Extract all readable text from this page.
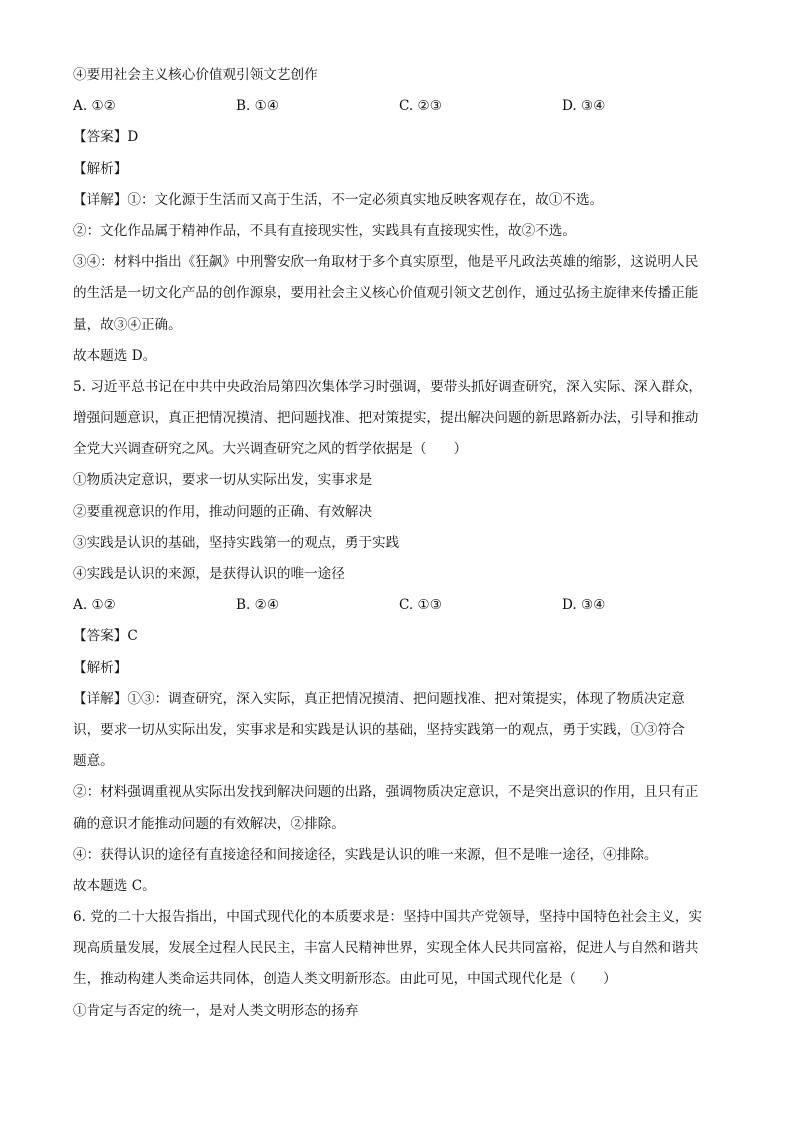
④要用社会主义核心价值观引领文艺创作
A. ①②	B. ①④	C. ②③	D. ③④
【答案】D
【解析】
【详解】①：文化源于生活而又高于生活，不一定必须真实地反映客观存在，故①不选。
②：文化作品属于精神作品，不具有直接现实性，实践具有直接现实性，故②不选。
③④：材料中指出《狂飙》中刑警安欣一角取材于多个真实原型，他是平凡政法英雄的缩影，这说明人民
的生活是一切文化产品的创作源泉，要用社会主义核心价值观引领文艺创作，通过弘扬主旋律来传播正能
量，故③④正确。
故本题选 D。
5. 习近平总书记在中共中央政治局第四次集体学习时强调，要带头抓好调查研究，深入实际、深入群众，
增强问题意识，真正把情况摸清、把问题找准、把对策提实，提出解决问题的新思路新办法，引导和推动
全党大兴调查研究之风。大兴调查研究之风的哲学依据是（　　）
①物质决定意识，要求一切从实际出发，实事求是
②要重视意识的作用，推动问题的正确、有效解决
③实践是认识的基础，坚持实践第一的观点，勇于实践
④实践是认识的来源，是获得认识的唯一途径
A. ①②	B. ②④	C. ①③	D. ③④
【答案】C
【解析】
【详解】①③：调查研究，深入实际，真正把情况摸清、把问题找准、把对策提实，体现了物质决定意
识，要求一切从实际出发，实事求是和实践是认识的基础，坚持实践第一的观点，勇于实践，①③符合
题意。
②：材料强调重视从实际出发找到解决问题的出路，强调物质决定意识，不是突出意识的作用，且只有正
确的意识才能推动问题的有效解决，②排除。
④：获得认识的途径有直接途径和间接途径，实践是认识的唯一来源，但不是唯一途径，④排除。
故本题选 C。
6. 党的二十大报告指出，中国式现代化的本质要求是：坚持中国共产党领导，坚持中国特色社会主义，实
现高质量发展，发展全过程人民民主，丰富人民精神世界，实现全体人民共同富裕，促进人与自然和谐共
生，推动构建人类命运共同体，创造人类文明新形态。由此可见，中国式现代化是（　　）
①肯定与否定的统一，是对人类文明形态的扬弃
